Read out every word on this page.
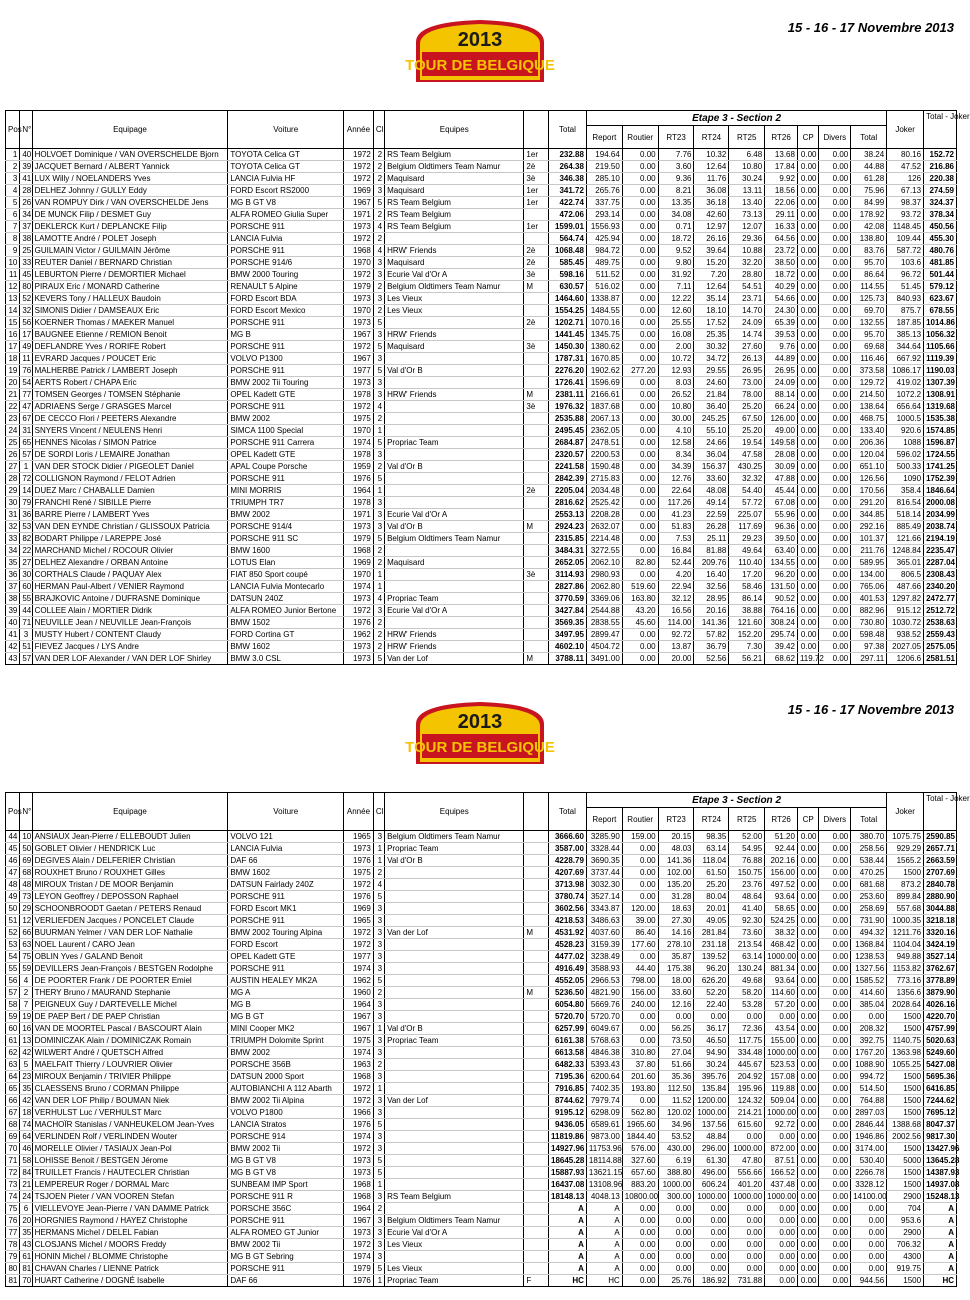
15 - 16 - 17 Novembre 2013
2013
TOUR DE BELGIQUE
Pos	N°	Equipage	Voiture	Année	Cl.	Equipes		Total	Etape 3 - Section 2									Joker	Total - Joker
									Report	Routier	RT23	RT24	RT25	RT26	CP	Divers	Total		
1	40	HOLVOET Dominique / VAN OVERSCHELDE Bjorn	TOYOTA Celica GT	1972	2	RS Team Belgium	1er	232.88	194.64	0.00	7.76	10.32	6.48	13.68	0.00	0.00	38.24	80.16	152.72
2	39	JACQUET Bernard / ALBERT Yannick	TOYOTA Celica GT	1972	2	Belgium Oldtimers Team Namur	2è	264.38	219.50	0.00	3.60	12.64	10.80	17.84	0.00	0.00	44.88	47.52	216.86
3	41	LUX Willy / NOELANDERS Yves	LANCIA Fulvia HF	1972	2	Maquisard	3è	346.38	285.10	0.00	9.36	11.76	30.24	9.92	0.00	0.00	61.28	126	220.38
4	28	DELHEZ Johnny / GULLY Eddy	FORD Escort RS2000	1969	3	Maquisard	1er	341.72	265.76	0.00	8.21	36.08	13.11	18.56	0.00	0.00	75.96	67.13	274.59
5	26	VAN ROMPUY Dirk / VAN OVERSCHELDE Jens	MG B GT V8	1967	5	RS Team Belgium	1er	422.74	337.75	0.00	13.35	36.18	13.40	22.06	0.00	0.00	84.99	98.37	324.37
6	34	DE MUNCK Filip / DESMET Guy	ALFA ROMEO Giulia Super	1971	2	RS Team Belgium		472.06	293.14	0.00	34.08	42.60	73.13	29.11	0.00	0.00	178.92	93.72	378.34
7	37	DEKLERCK Kurt / DEPLANCKE Filip	PORSCHE 911	1973	4	RS Team Belgium	1er	1599.01	1556.93	0.00	0.71	12.97	12.07	16.33	0.00	0.00	42.08	1148.45	450.56
8	38	LAMOTTE André / POLET Joseph	LANCIA Fulvia	1972	2			564.74	425.94	0.00	18.72	26.16	29.36	64.56	0.00	0.00	138.80	109.44	455.30
9	25	GUILMAIN Victor / GUILMAIN Jérôme	PORSCHE 911	1968	4	HRW' Friends	2è	1068.48	984.72	0.00	9.52	39.64	10.88	23.72	0.00	0.00	83.76	587.72	480.76
10	33	REUTER Daniel / BERNARD Christian	PORSCHE 914/6	1970	3	Maquisard	2è	585.45	489.75	0.00	9.80	15.20	32.20	38.50	0.00	0.00	95.70	103.6	481.85
11	45	LEBURTON Pierre / DEMORTIER Michael	BMW 2000 Touring	1972	3	Ecurie Val d'Or A	3è	598.16	511.52	0.00	31.92	7.20	28.80	18.72	0.00	0.00	86.64	96.72	501.44
12	80	PIRAUX Eric / MONARD Catherine	RENAULT 5 Alpine	1979	2	Belgium Oldtimers Team Namur	M	630.57	516.02	0.00	7.11	12.64	54.51	40.29	0.00	0.00	114.55	51.45	579.12
13	52	KEVERS Tony / HALLEUX Baudoin	FORD Escort BDA	1973	3	Les Vieux		1464.60	1338.87	0.00	12.22	35.14	23.71	54.66	0.00	0.00	125.73	840.93	623.67
14	32	SIMONIS Didier / DAMSEAUX Eric	FORD Escort Mexico	1970	2	Les Vieux		1554.25	1484.55	0.00	12.60	18.10	14.70	24.30	0.00	0.00	69.70	875.7	678.55
15	56	KOERNER Thomas / MAEKER Manuel	PORSCHE 911	1973	5		2è	1202.71	1070.16	0.00	25.55	17.52	24.09	65.39	0.00	0.00	132.55	187.85	1014.86
16	17	BAUGNEE Etienne / REMION Benoit	MG B	1967	3	HRW' Friends		1441.45	1345.75	0.00	16.08	25.35	14.74	39.53	0.00	0.00	95.70	385.13	1056.32
17	49	DEFLANDRE Yves / RORIFE Robert	PORSCHE 911	1972	5	Maquisard	3è	1450.30	1380.62	0.00	2.00	30.32	27.60	9.76	0.00	0.00	69.68	344.64	1105.66
18	11	EVRARD Jacques / POUCET Eric	VOLVO P1300	1967	3			1787.31	1670.85	0.00	10.72	34.72	26.13	44.89	0.00	0.00	116.46	667.92	1119.39
19	76	MALHERBE Patrick / LAMBERT Joseph	PORSCHE 911	1977	5	Val d'Or B		2276.20	1902.62	277.20	12.93	29.55	26.95	26.95	0.00	0.00	373.58	1086.17	1190.03
20	54	AERTS Robert / CHAPA Eric	BMW 2002 Tii Touring	1973	3			1726.41	1596.69	0.00	8.03	24.60	73.00	24.09	0.00	0.00	129.72	419.02	1307.39
21	77	TOMSEN Georges / TOMSEN Stéphanie	OPEL Kadett GTE	1978	3	HRW' Friends	M	2381.11	2166.61	0.00	26.52	21.84	78.00	88.14	0.00	0.00	214.50	1072.2	1308.91
22	47	ADRIAENS Serge / GRASGES Marcel	PORSCHE 911	1972	4		3è	1976.32	1837.68	0.00	10.80	36.40	25.20	66.24	0.00	0.00	138.64	656.64	1319.68
23	67	DE CECCO Flori / PEETERS Alexandre	BMW 2002	1975	2			2535.88	2067.13	0.00	30.00	245.25	67.50	126.00	0.00	0.00	468.75	1000.5	1535.38
24	31	SNYERS Vincent / NEULENS Henri	SIMCA 1100 Special	1970	1			2495.45	2362.05	0.00	4.10	55.10	25.20	49.00	0.00	0.00	133.40	920.6	1574.85
25	65	HENNES Nicolas / SIMON Patrice	PORSCHE 911 Carrera	1974	5	Propriac Team		2684.87	2478.51	0.00	12.58	24.66	19.54	149.58	0.00	0.00	206.36	1088	1596.87
26	57	DE SORDI Loris / LEMAIRE Jonathan	OPEL Kadett GTE	1978	3			2320.57	2200.53	0.00	8.34	36.04	47.58	28.08	0.00	0.00	120.04	596.02	1724.55
27	1	VAN DER STOCK Didier / PIGEOLET Daniel	APAL Coupe Porsche	1959	2	Val d'Or B		2241.58	1590.48	0.00	34.39	156.37	430.25	30.09	0.00	0.00	651.10	500.33	1741.25
28	72	COLLIGNON Raymond / FELOT Adrien	PORSCHE 911	1976	5			2842.39	2715.83	0.00	12.76	33.60	32.32	47.88	0.00	0.00	126.56	1090	1752.39
29	14	DUEZ Marc / CHABALLE Damien	MINI MORRIS	1964	1		2è	2205.04	2034.48	0.00	22.64	48.08	54.40	45.44	0.00	0.00	170.56	358.4	1846.64
30	79	FRANCHI René / SIBILLE Pierre	TRIUMPH TR7	1978	3			2816.62	2525.42	0.00	117.26	49.14	57.72	67.08	0.00	0.00	291.20	816.54	2000.08
31	36	BARRE Pierre / LAMBERT Yves	BMW 2002	1971	3	Ecurie Val d'Or A		2553.13	2208.28	0.00	41.23	22.59	225.07	55.96	0.00	0.00	344.85	518.14	2034.99
32	53	VAN DEN EYNDE Christian / GLISSOUX Patricia	PORSCHE 914/4	1973	3	Val d'Or B	M	2924.23	2632.07	0.00	51.83	26.28	117.69	96.36	0.00	0.00	292.16	885.49	2038.74
33	82	BODART Philippe / LAREPPE José	PORSCHE 911 SC	1979	5	Belgium Oldtimers Team Namur		2315.85	2214.48	0.00	7.53	25.11	29.23	39.50	0.00	0.00	101.37	121.66	2194.19
34	22	MARCHAND Michel / ROCOUR Olivier	BMW 1600	1968	2			3484.31	3272.55	0.00	16.84	81.88	49.64	63.40	0.00	0.00	211.76	1248.84	2235.47
35	27	DELHEZ Alexandre / ORBAN Antoine	LOTUS Elan	1969	2	Maquisard		2652.05	2062.10	82.80	52.44	209.76	110.40	134.55	0.00	0.00	589.95	365.01	2287.04
36	30	CORTHALS Claude / PAQUAY Alex	FIAT 850 Sport coupé	1970	1		3è	3114.93	2980.93	0.00	4.20	16.40	17.20	96.20	0.00	0.00	134.00	806.5	2308.43
37	60	HERMAN Paul-Albert / VENIER Raymond	LANCIA Fulvia Montecarlo	1974	1			2827.86	2062.80	519.60	22.94	32.56	58.46	131.50	0.00	0.00	765.06	487.66	2340.20
38	55	BRAJKOVIC Antoine / DUFRASNE Dominique	DATSUN 240Z	1973	4	Propriac Team		3770.59	3369.06	163.80	32.12	28.95	86.14	90.52	0.00	0.00	401.53	1297.82	2472.77
39	44	COLLEE Alain / MORTIER Didrik	ALFA ROMEO Junior Bertone	1972	3	Ecurie Val d'Or A		3427.84	2544.88	43.20	16.56	20.16	38.88	764.16	0.00	0.00	882.96	915.12	2512.72
40	71	NEUVILLE Jean / NEUVILLE Jean-François	BMW 1502	1976	2			3569.35	2838.55	45.60	114.00	141.36	121.60	308.24	0.00	0.00	730.80	1030.72	2538.63
41	3	MUSTY Hubert / CONTENT Claudy	FORD Cortina GT	1962	2	HRW' Friends		3497.95	2899.47	0.00	92.72	57.82	152.20	295.74	0.00	0.00	598.48	938.52	2559.43
42	51	FIEVEZ Jacques / LYS Andre	BMW 1602	1973	2	HRW' Friends		4602.10	4504.72	0.00	13.87	36.79	7.30	39.42	0.00	0.00	97.38	2027.05	2575.05
43	57	VAN DER LOF Alexander / VAN DER LOF Shirley	BMW 3.0 CSL	1973	5	Van der Lof	M	3788.11	3491.00	0.00	20.00	52.56	56.21	68.62	119.72	0.00	297.11	1206.6	2581.51
15 - 16 - 17 Novembre 2013
2013
TOUR DE BELGIQUE
Pos	N°	Equipage	Voiture	Année	Cl.	Equipes		Total	Etape 3 - Section 2									Joker	Total - Joker
									Report	Routier	RT23	RT24	RT25	RT26	CP	Divers	Total		
44	10	ANSIAUX Jean-Pierre / ELLEBOUDT Julien	VOLVO 121	1965	3	Belgium Oldtimers Team Namur		3666.60	3285.90	159.00	20.15	98.35	52.00	51.20	0.00	0.00	380.70	1075.75	2590.85
45	50	GOBLET Olivier / HENDRICK Luc	LANCIA Fulvia	1973	1	Propriac Team		3587.00	3328.44	0.00	48.03	63.14	54.95	92.44	0.00	0.00	258.56	929.29	2657.71
46	69	DEGIVES Alain / DELFERIER Christian	DAF 66	1976	1	Val d'Or B		4228.79	3690.35	0.00	141.36	118.04	76.88	202.16	0.00	0.00	538.44	1565.2	2663.59
47	68	ROUXHET Bruno / ROUXHET Gilles	BMW 1602	1975	2			4207.69	3737.44	0.00	102.00	61.50	150.75	156.00	0.00	0.00	470.25	1500	2707.69
48	48	MIROUX Tristan / DE MOOR Benjamin	DATSUN Fairlady 240Z	1972	4			3713.98	3032.30	0.00	135.20	25.20	23.76	497.52	0.00	0.00	681.68	873.2	2840.78
49	73	LEYON Geoffrey / DEPOSSON Raphael	PORSCHE 911	1976	5			3780.74	3527.14	0.00	31.28	80.04	48.64	93.64	0.00	0.00	253.60	899.84	2880.90
50	29	SCHOONBROODT Gaetan / PETERS Renaud	FORD Escort MK1	1969	3			3602.56	3343.87	120.00	18.63	20.01	41.40	58.65	0.00	0.00	258.69	557.68	3044.88
51	12	VERLIEFDEN Jacques / PONCELET Claude	PORSCHE 911	1965	3			4218.53	3486.63	39.00	27.30	49.05	92.30	524.25	0.00	0.00	731.90	1000.35	3218.18
52	66	BUURMAN Yelmer / VAN DER LOF Nathalie	BMW 2002 Touring Alpina	1972	3	Van der Lof	M	4531.92	4037.60	86.40	14.16	281.84	73.60	38.32	0.00	0.00	494.32	1211.76	3320.16
53	63	NOEL Laurent / CARO Jean	FORD Escort	1972	3			4528.23	3159.39	177.60	278.10	231.18	213.54	468.42	0.00	0.00	1368.84	1104.04	3424.19
54	75	OBLIN Yves / GALAND Benoit	OPEL Kadett GTE	1977	3			4477.02	3238.49	0.00	35.87	139.52	63.14	1000.00	0.00	0.00	1238.53	949.88	3527.14
55	59	DEVILLERS Jean-François / BESTGEN Rodolphe	PORSCHE 911	1974	3			4916.49	3588.93	44.40	175.38	96.20	130.24	881.34	0.00	0.00	1327.56	1153.82	3762.67
56	4	DE POORTER Frank / DE POORTER Emiel	AUSTIN HEALEY MK2A	1962	5			4552.05	2966.53	798.00	18.00	626.20	49.68	93.64	0.00	0.00	1585.52	773.16	3778.89
57	2	THERY Bruno / MAURAND Stephanie	MG A	1960	2		M	5236.50	4821.90	156.00	33.60	52.20	58.20	114.60	0.00	0.00	414.60	1356.6	3879.90
58	7	PEIGNEUX Guy / DARTEVELLE Michel	MG B	1964	3			6054.80	5669.76	240.00	12.16	22.40	53.28	57.20	0.00	0.00	385.04	2028.64	4026.16
59	19	DE PAEP Bert / DE PAEP Christian	MG B GT	1967	3			5720.70	5720.70	0.00	0.00	0.00	0.00	0.00	0.00	0.00	0.00	1500	4220.70
60	16	VAN DE MOORTEL Pascal / BASCOURT Alain	MINI Cooper MK2	1967	1	Val d'Or B		6257.99	6049.67	0.00	56.25	36.17	72.36	43.54	0.00	0.00	208.32	1500	4757.99
61	13	DOMINICZAK Alain / DOMINICZAK Romain	TRIUMPH Dolomite Sprint	1975	3	Propriac Team		6161.38	5768.63	0.00	73.50	46.50	117.75	155.00	0.00	0.00	392.75	1140.75	5020.63
62	42	WILWERT André / QUETSCH Alfred	BMW 2002	1974	3			6613.58	4846.38	310.80	27.04	94.90	334.48	1000.00	0.00	0.00	1767.20	1363.98	5249.60
63	5	MAELFAIT Thierry / LOUVRIER Olivier	PORSCHE 356B	1963	2			6482.33	5393.43	37.80	51.66	30.24	445.67	523.53	0.00	0.00	1088.90	1055.25	5427.08
64	23	MIROUX Benjamin / TRIVIER Philippe	DATSUN 2000 Sport	1968	3			7195.36	6200.64	201.60	35.36	395.76	204.92	157.08	0.00	0.00	994.72	1500	5695.36
65	35	CLAESSENS Bruno / CORMAN Philippe	AUTOBIANCHI A 112 Abarth	1972	1			7916.85	7402.35	193.80	112.50	135.84	195.96	119.88	0.00	0.00	514.50	1500	6416.85
66	42	VAN DER LOF Philip / BOUMAN Niek	BMW 2002 Tii Alpina	1972	3	Van der Lof		8744.62	7979.74	0.00	11.52	1200.00	124.32	509.04	0.00	0.00	764.88	1500	7244.62
67	18	VERHULST Luc / VERHULST Marc	VOLVO P1800	1966	3			9195.12	6298.09	562.80	120.02	1000.00	214.21	1000.00	0.00	0.00	2897.03	1500	7695.12
68	74	MACHOÏR Stanislas / VANHEUKELOM Jean-Yves	LANCIA Stratos	1976	5			9436.05	6589.61	1965.60	34.96	137.56	615.60	92.72	0.00	0.00	2846.44	1388.68	8047.37
69	64	VERLINDEN Rolf / VERLINDEN Wouter	PORSCHE 914	1974	3			11819.86	9873.00	1844.40	53.52	48.84	0.00	0.00	0.00	0.00	1946.86	2002.56	9817.30
70	46	MORELLE Olivier / TASIAUX Jean-Pol	BMW 2002 Tii	1972	3			14927.96	11753.96	576.00	430.00	296.00	1000.00	872.00	0.00	0.00	3174.00	1500	13427.96
71	58	LOHISSE Benoit / BESTGEN Jérome	MG B GT V8	1973	5			18645.28	18114.88	327.60	6.19	61.30	47.80	87.51	0.00	0.00	530.40	5000	13645.28
72	84	TRUILLET Francis / HAUTECLER Christian	MG B GT V8	1973	5			15887.93	13621.15	657.60	388.80	496.00	556.66	166.52	0.00	0.00	2266.78	1500	14387.93
73	21	LEMPEREUR Roger / DORMAL Marc	SUNBEAM IMP Sport	1968	1			16437.08	13108.96	883.20	1000.00	606.24	401.20	437.48	0.00	0.00	3328.12	1500	14937.08
74	24	TSJOEN Pieter / VAN VOOREN Stefan	PORSCHE 911 R	1968	3	RS Team Belgium		18148.13	4048.13	10800.00	300.00	1000.00	1000.00	1000.00	0.00	0.00	14100.00	2900	15248.13
75	6	VIELLEVOYE Jean-Pierre / VAN DAMME Patrick	PORSCHE 356C	1964	2			A	A	0.00	0.00	0.00	0.00	0.00	0.00	0.00	0.00	704	A
76	20	HORGNIES Raymond / HAYEZ Christophe	PORSCHE 911	1967	3	Belgium Oldtimers Team Namur		A	A	0.00	0.00	0.00	0.00	0.00	0.00	0.00	0.00	953.6	A
77	35	HERMANS Michel / DELEL Fabian	ALFA ROMEO GT Junior	1973	3	Ecurie Val d'Or A		A	A	0.00	0.00	0.00	0.00	0.00	0.00	0.00	0.00	2900	A
78	43	CLOSJANS Michel / MOORS Freddy	BMW 2002 Tii	1972	3	Les Vieux		A	A	0.00	0.00	0.00	0.00	0.00	0.00	0.00	0.00	706.32	A
79	61	HONIN Michel / BLOMME Christophe	MG B GT Sebring	1974	3			A	A	0.00	0.00	0.00	0.00	0.00	0.00	0.00	0.00	4300	A
80	81	CHAVAN Charles / LIENNE Patrick	PORSCHE 911	1979	5	Les Vieux		A	A	0.00	0.00	0.00	0.00	0.00	0.00	0.00	0.00	919.75	A
81	70	HUART Catherine / DOGNÉ Isabelle	DAF 66	1976	1	Propriac Team	F	HC	HC	0.00	25.76	186.92	731.88	0.00	0.00	0.00	944.56	1500	HC
